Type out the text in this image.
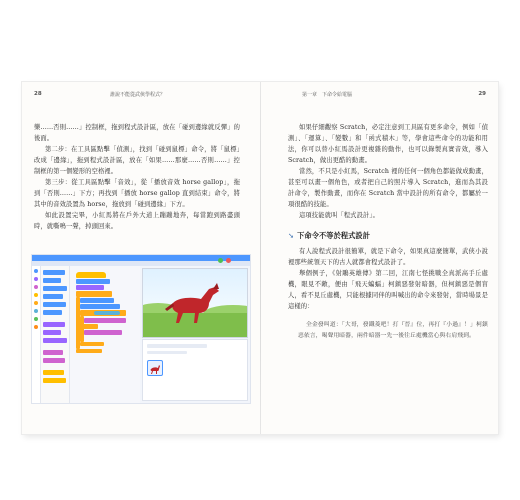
28	誰說不能從武俠學程式？

樂……否則……」控制框，拖到程式設計區，放在「碰到邊緣就反彈」的後面。

第二步：在工具區點擊「偵測」，找到「碰到鼠標」命令，將「鼠標」改成「邊緣」，拖到程式設計區，放在「如果……那麼……否則……」控制框的第一個變形的空格裡。

第三步：從工具區點擊「音效」，從「播放音效 horse gallop」，拖到「否則……」下方；再找到「播放 horse gallop 直到結束」命令，將其中的音效設置為 horse，拖放到「碰到邊緣」下方。

如此設置完畢，小紅馬將在戶外大道上蹦蹦地奔，每當跑到路盡頭時，就嘶鳴一聲，掉頭回來。

第一章　下命令給電腦	29

如果仔細觀察 Scratch，必定注意到工具區有更多命令，例如「偵測」、「運算」、「變數」和「函式積木」等，學會這些命令的功能和用法，你可以替小紅馬設計更複雜的動作，也可以錄製真實音效，導入 Scratch，做出更酷的動畫。

當然，不只是小紅馬，Scratch 裡的任何一個角色都能做成動畫，甚至可以畫一個角色，或者把自己的照片導入 Scratch，進而為其設計命令，製作動畫，而你在 Scratch 當中設計的所有命令，都屬於一項很酷的技能。

這項技能就叫「程式設計」。

➘ 下命令不等於程式設計

有人說程式設計很簡單，就是下命令，如果真這麼簡單，武俠小說裡那些統領天下的古人就都會程式設計了。

舉個例子，《射鵰英雄傳》第二回，江南七怪挑戰全真派高手丘處機，眼見不敵，便由「飛天蝙蝠」柯鎮惡發射暗器，但柯鎮惡是個盲人，看不見丘處機，只能根據同伴的叫喊出的命令來發射，當時場景是這樣的：

全金發叫道：「大哥，發鐵菱吧！打『晉』位，再打『小過』！」柯鎮惡依言，喝聲用暗器，兩件暗器一先一後往丘處機當心與右肩飛到。
